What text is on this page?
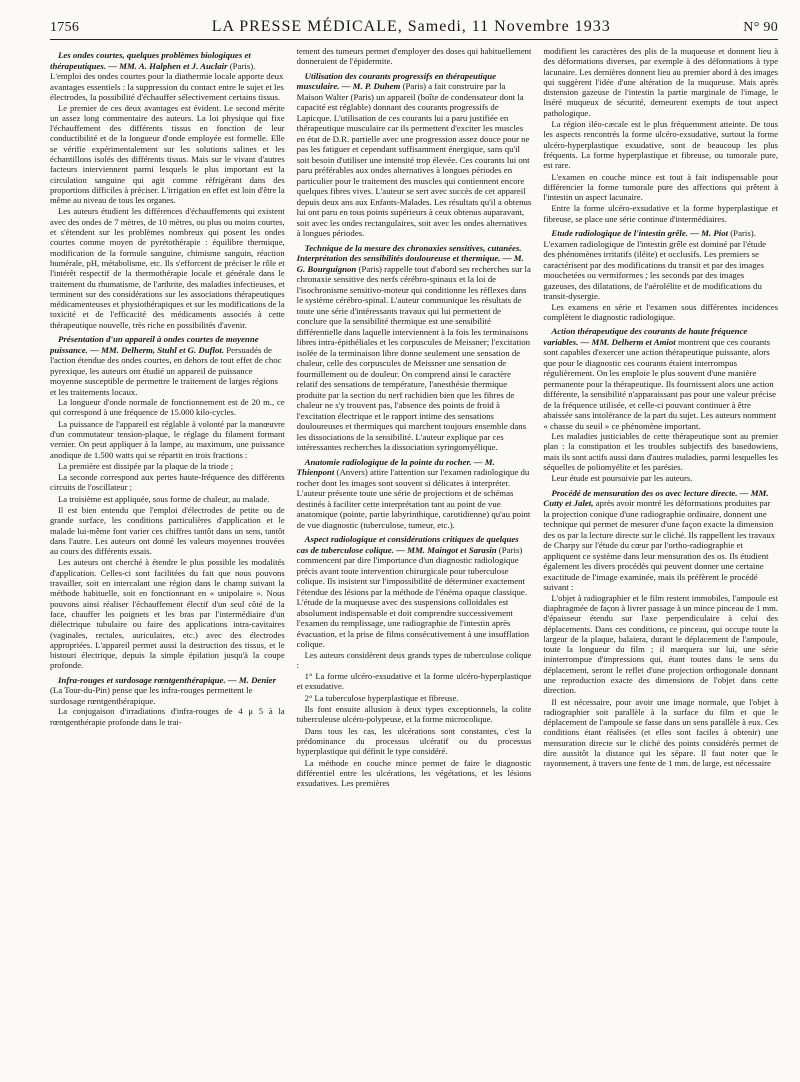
1756	LA PRESSE MÉDICALE, Samedi, 11 Novembre 1933	N° 90
Les ondes courtes, quelques problèmes biologiques et thérapeutiques. — MM. A. Halphen et J. Auclair (Paris). L'emploi des ondes courtes pour la diathermie locale apporte deux avantages essentiels : la suppression du contact entre le sujet et les électrodes, la possibilité d'échauffer sélectivement certains tissus.

Le premier de ces deux avantages est évident. Le second mérite un assez long commentaire des auteurs. La loi physique qui fixe l'échauffement des différents tissus en fonction de leur conductibilité et de la longueur d'onde employée est formelle. Elle se vérifie expérimentalement sur les solutions salines et les échantillons isolés des différents tissus. Mais sur le vivant d'autres facteurs interviennent parmi lesquels le plus important est la circulation sanguine qui agit comme réfrigérant dans des proportions difficiles à préciser. L'irrigation en effet est loin d'être la même au niveau de tous les organes.

Les auteurs étudient les différences d'échauffements qui existent avec des ondes de 7 mètres, de 10 mètres, ou plus ou moins courtes, et s'étendent sur les problèmes nombreux qui posent les ondes courtes comme moyen de pyrétothérapie : équilibre thermique, modification de la formule sanguine, chimisme sanguin, réaction humérale, pH, métabolisme, etc. Ils s'efforcent de préciser le rôle et l'intérêt respectif de la thermothérapie locale et générale dans le traitement du rhumatisme, de l'arthrite, des maladies infectieuses, et terminent sur des considérations sur les associations thérapeutiques médicamenteuses et physiothérapiques et sur les modifications de la toxicité et de l'efficacité des médicaments associés à cette thérapeutique nouvelle, très riche en possibilités d'avenir.

Présentation d'un appareil à ondes courtes de moyenne puissance. — MM. Delherm, Stuhl et G. Duflot. Persuadés de l'action étendue des ondes courtes, en dehors de tout effet de choc pyrexique, les auteurs ont étudié un appareil de puissance moyenne susceptible de permettre le traitement de larges régions et les traitements locaux.

La longueur d'onde normale de fonctionnement est de 20 m., ce qui correspond à une fréquence de 15.000 kilo-cycles.

La puissance de l'appareil est réglable à volonté par la manœuvre d'un commutateur tension-plaque, le réglage du filament formant vernier. On peut appliquer à la lampe, au maximum, une puissance anodique de 1.500 watts qui se répartit en trois fractions :

La première est dissipée par la plaque de la triode ;

La seconde correspond aux pertes haute-fréquence des différents circuits de l'oscillateur ;

La troisième est appliquée, sous forme de chaleur, au malade.

Il est bien entendu que l'emploi d'électrodes de petite ou de grande surface, les conditions particulières d'application et le malade lui-même font varier ces chiffres tantôt dans un sens, tantôt dans l'autre. Les auteurs ont donné les valeurs moyennes trouvées au cours des différents essais.

Les auteurs ont cherché à étendre le plus possible les modalités d'application. Celles-ci sont facilitées du fait que nous pouvons travailler, soit en intercalant une région dans le champ suivant la méthode habituelle, soit en fonctionnant en « unipolaire ». Nous pouvons ainsi réaliser l'échauffement électif d'un seul côté de la face, chauffer les poignets et les bras par l'intermédiaire d'un diélectrique tubulaire ou faire des applications intra-cavitaires (vaginales, rectales, auriculaires, etc.) avec des électrodes appropriées. L'appareil permet aussi la destruction des tissus, et le bistouri électrique, depuis la simple épilation jusqu'à la coupe profonde.

Infra-rouges et surdosage rœntgenthérapique. — M. Denier (La Tour-du-Pin) pense que les infra-rouges permettent le surdosage rœntgenthérapique.

La conjugaison d'irradiations d'infra-rouges de 4 μ 5 à la rœntgenthérapie profonde dans le trai-

tement des tumeurs permet d'employer des doses qui habituellement donneraient de l'épidermite.

Utilisation des courants progressifs en thérapeutique musculaire. — M. P. Duhem (Paris) a fait construire par la Maison Walter (Paris) un appareil (boîte de condensateur dont la capacité est réglable) donnant des courants progressifs de Lapicque. L'utilisation de ces courants lui a paru justifiée en thérapeutique musculaire car ils permettent d'exciter les muscles en état de D.R. partielle avec une progression assez douce pour ne pas les fatiguer et cependant suffisamment énergique, sans qu'il soit besoin d'utiliser une intensité trop élevée. Ces courants lui ont paru préférables aux ondes alternatives à longues périodes en particulier pour le traitement des muscles qui contiennent encore quelques fibres vives. L'auteur se sert avec succès de cet appareil depuis deux ans aux Enfants-Malades. Les résultats qu'il a obtenus lui ont paru en tous points supérieurs à ceux obtenus auparavant, soit avec les ondes rectangulaires, soit avec les ondes alternatives à longues périodes.
Technique de la mesure des chronaxies sensitives, cutanées. Interprétation des sensibilités douloureuse et thermique. — M. G. Bourguignon (Paris) rappelle tout d'abord ses recherches sur la chronaxie sensitive des nerfs cérébro-spinaux et la loi de l'isochronisme sensitivo-moteur qui conditionne les réflexes dans le système cérébro-spinal. L'auteur communique les résultats de toute une série d'intéressants travaux qui lui permettent de conclure que la sensibilité thermique est une sensibilité différentielle dans laquelle interviennent à la fois les terminaisons libres intra-épithéliales et les corpuscules de Meissner; l'excitation isolée de la terminaison libre donne seulement une sensation de chaleur, celle des corpuscules de Meissner une sensation de fourmillement ou de douleur. On comprend ainsi le caractère relatif des sensations de température, l'anesthésie thermique produite par la section du nerf rachidien bien que les fibres de chaleur ne s'y trouvent pas, l'absence des points de froid à l'excitation électrique et le rapport intime des sensations douloureuses et thermiques qui marchent toujours ensemble dans les dissociations de la sensibilité. L'auteur explique par ces intéressantes recherches la dissociation syringomyélique.
Anatomie radiologique de la pointe du rocher. — M. Thienpont (Anvers) attire l'attention sur l'examen radiologique du rocher dont les images sont souvent si délicates à interpréter. L'auteur présente toute une série de projections et de schémas destinés à faciliter cette interprétation tant au point de vue anatomique (pointe, partie labyrinthique, carotidienne) qu'au point de vue diagnostic (tuberculose, tumeur, etc.).
Aspect radiologique et considérations critiques de quelques cas de tuberculose colique. — MM. Maingot et Sarasin (Paris) commencent par dire l'importance d'un diagnostic radiologique précis avant toute intervention chirurgicale pour tuberculose colique. Ils insistent sur l'impossibilité de déterminer exactement l'étendue des lésions par la méthode de l'énéma opaque classique. L'étude de la muqueuse avec des suspensions colloïdales est absolument indispensable et doit comprendre successivement l'examen du remplissage, une radiographie de l'intestin après évacuation, et la prise de films consécutivement à une insufflation colique.

Les auteurs considèrent deux grands types de tuberculose colique :

1° La forme ulcéro-exsudative et la forme ulcéro-hyperplastique et exsudative.

2° La tuberculose hyperplastique et fibreuse.

Ils font ensuite allusion à deux types exceptionnels, la colite tuberculeuse ulcéro-polypeuse, et la forme microcolique.

Dans tous les cas, les ulcérations sont constantes, c'est la prédominance du processus ulcératif ou du processus hyperplastique qui définit le type considéré.

La méthode en couche mince permet de faire le diagnostic différentiel entre les ulcérations, les végétations, et les lésions exsudatives. Les premières

modifient les caractères des plis de la muqueuse et donnent lieu à des déformations diverses, par exemple à des déformations à type lacunaire. Les dernières donnent lieu au premier abord à des images qui suggèrent l'idée d'une altération de la muqueuse. Mais après distension gazeuse de l'intestin la partie marginale de l'image, le liséré muqueux de sécurité, demeurent exempts de tout aspect pathologique.

La région iléo-cæcale est le plus fréquemment atteinte. De tous les aspects rencontrés la forme ulcéro-exsudative, surtout la forme ulcéro-hyperplastique exsudative, sont de beaucoup les plus fréquents. La forme hyperplastique et fibreuse, ou tumorale pure, est rare.

L'examen en couche mince est tout à fait indispensable pour différencier la forme tumorale pure des affections qui prêtent à l'intestin un aspect lacunaire.

Entre la forme ulcéro-exsudative et la forme hyperplastique et fibreuse, se place une série continue d'intermédiaires.

Etude radiologique de l'intestin grêle. — M. Piot (Paris). L'examen radiologique de l'intestin grêle est dominé par l'étude des phénomènes irritatifs (iléite) et occlusifs. Les premiers se caractérisent par des modifications du transit et par des images mouchetées ou vermiformes ; les seconds par des images gazeuses, des dilatations, de l'aérolélite et de modifications du transit-dysergie.

Les examens en série et l'examen sous différentes incidences complètent le diagnostic radiologique.

Action thérapeutique des courants de haute fréquence variables. — MM. Delherm et Amiot montrent que ces courants sont capables d'exercer une action thérapeutique puissante, alors que pour le diagnostic ces courants étaient interrompus régulièrement. On les emploie le plus souvent d'une manière permanente pour la thérapeutique. Ils fournissent alors une action différente, la sensibilité n'apparaissant pas pour une valeur précise de la fréquence utilisée, et celle-ci pouvant continuer à être abaissée sans intolérance de la part du sujet. Les auteurs nomment « chasse du seuil » ce phénomène important.

Les maladies justiciables de cette thérapeutique sont au premier plan : la constipation et les troubles subjectifs des basedowiens, mais ils sont actifs aussi dans d'autres maladies, parmi lesquelles les séquelles de poliomyélite et les parésies.

Leur étude est poursuivie par les auteurs.

Procédé de mensuration des os avec lecture directe. — MM. Cutty et Jalet, après avoir montré les déformations produites par la projection conique d'une radiographie ordinaire, donnent une technique qui permet de mesurer d'une façon exacte la dimension des os par la lecture directe sur le cliché. Ils rappellent les travaux de Charpy sur l'étude du cœur par l'ortho-radiographie et appliquent ce système dans leur mensuration des os. Ils étudient également les divers procédés qui peuvent donner une certaine exactitude de l'image examinée, mais ils préfèrent le procédé suivant :

L'objet à radiographier et le film restent immobiles, l'ampoule est diaphragmée de façon à livrer passage à un mince pinceau de 1 mm. d'épaisseur étendu sur l'axe perpendiculaire à celui des déplacements. Dans ces conditions, ce pinceau, qui occupe toute la largeur de la plaque, balaiera, durant le déplacement de l'ampoule, toute la longueur du film ; il marquera sur lui, une série ininterrompue d'impressions qui, étant toutes dans le sens du déplacement, seront le reflet d'une projection orthogonale donnant une reproduction exacte des dimensions de l'objet dans cette direction.

Il est nécessaire, pour avoir une image normale, que l'objet à radiographier soit parallèle à la surface du film et que le déplacement de l'ampoule se fasse dans un sens parallèle à eux. Ces conditions étant réalisées (et elles sont faciles à obtenir) une mensuration directe sur le cliché des points considérés permet de dire aussitôt la distance qui les sépare. Il faut noter que le rayonnement, à travers une fente de 1 mm. de large, est nécessaire
